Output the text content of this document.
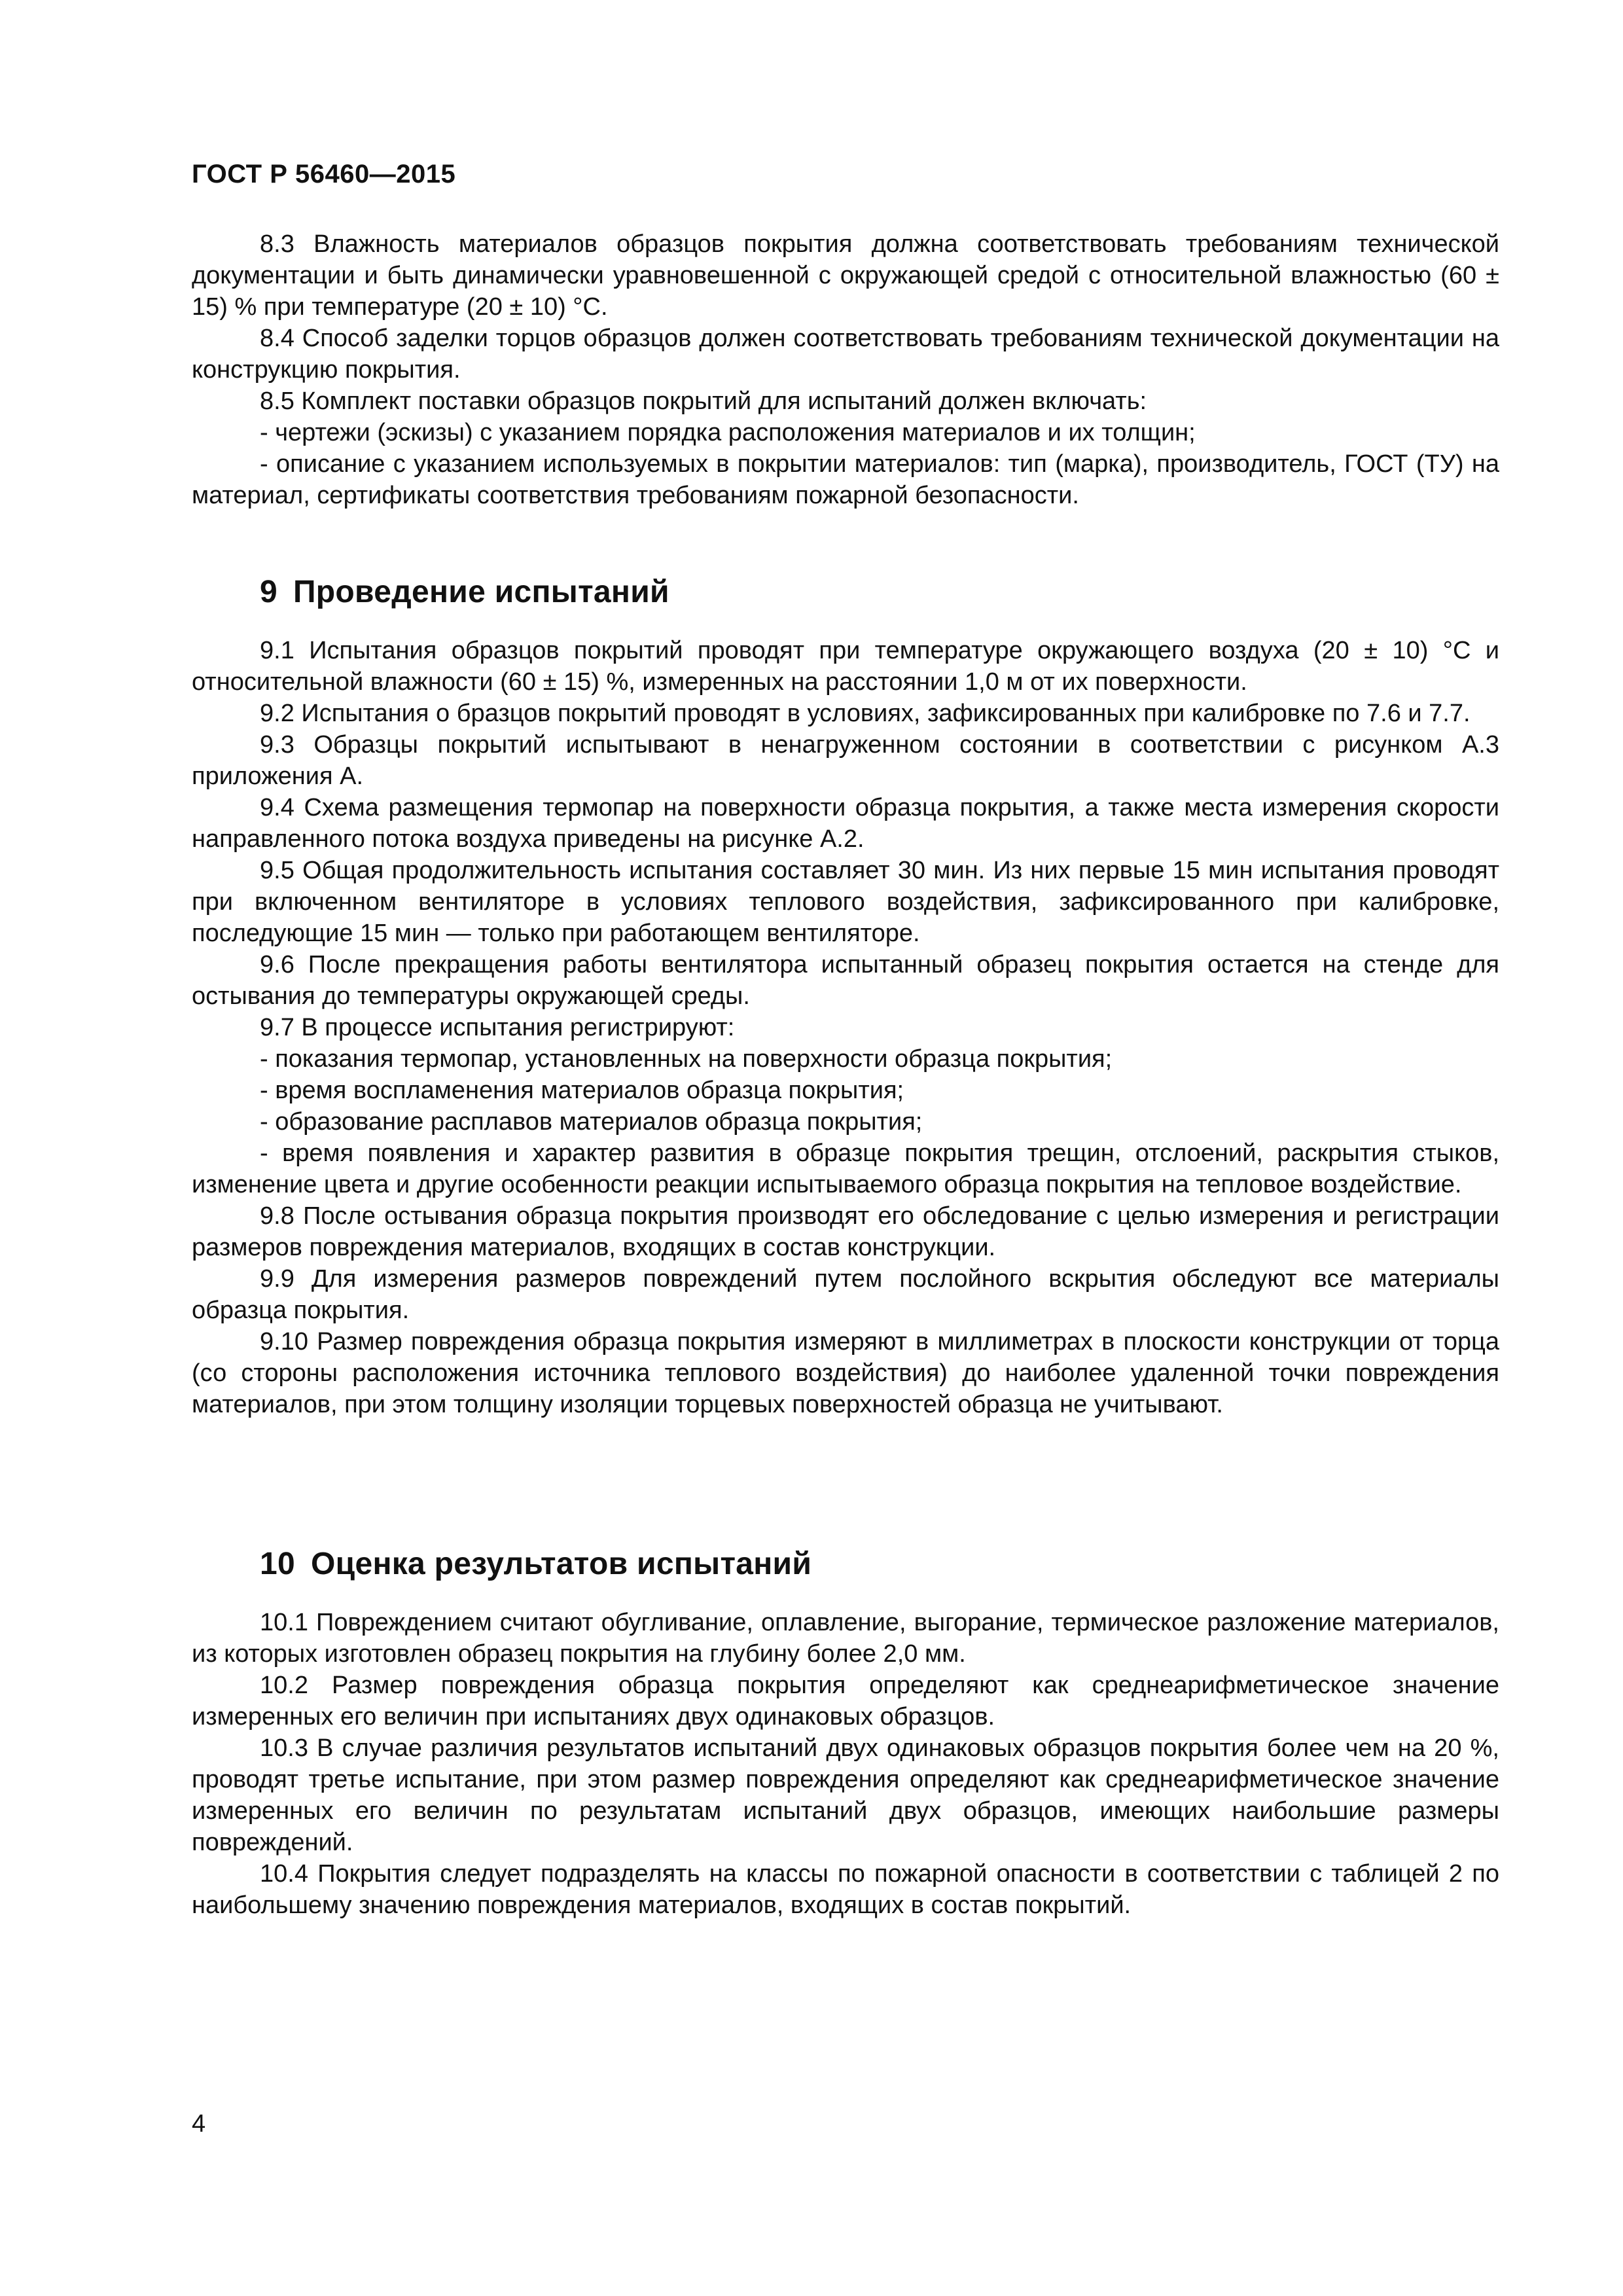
ГОСТ Р 56460—2015

8.3 Влажность материалов образцов покрытия должна соответствовать требованиям технической документации и быть динамически уравновешенной с окружающей средой с относительной влажностью (60 ± 15) % при температуре (20 ± 10) °С.

8.4 Способ заделки торцов образцов должен соответствовать требованиям технической документации на конструкцию покрытия.

8.5 Комплект поставки образцов покрытий для испытаний должен включать:

- чертежи (эскизы) с указанием порядка расположения материалов и их толщин;

- описание с указанием используемых в покрытии материалов: тип (марка), производитель, ГОСТ (ТУ) на материал, сертификаты соответствия требованиям пожарной безопасности.

9 Проведение испытаний

9.1 Испытания образцов покрытий проводят при температуре окружающего воздуха (20 ± 10) °С и относительной влажности (60 ± 15) %, измеренных на расстоянии 1,0 м от их поверхности.

9.2 Испытания о бразцов покрытий проводят в условиях, зафиксированных при калибровке по 7.6 и 7.7.

9.3 Образцы покрытий испытывают в ненагруженном состоянии в соответствии с рисунком А.3 приложения А.

9.4 Схема размещения термопар на поверхности образца покрытия, а также места измерения скорости направленного потока воздуха приведены на рисунке А.2.

9.5 Общая продолжительность испытания составляет 30 мин. Из них первые 15 мин испытания проводят при включенном вентиляторе в условиях теплового воздействия, зафиксированного при калибровке, последующие 15 мин — только при работающем вентиляторе.

9.6 После прекращения работы вентилятора испытанный образец покрытия остается на стенде для остывания до температуры окружающей среды.

9.7 В процессе испытания регистрируют:

- показания термопар, установленных на поверхности образца покрытия;

- время воспламенения материалов образца покрытия;

- образование расплавов материалов образца покрытия;

- время появления и характер развития в образце покрытия трещин, отслоений, раскрытия стыков, изменение цвета и другие особенности реакции испытываемого образца покрытия на тепловое воздействие.

9.8 После остывания образца покрытия производят его обследование с целью измерения и регистрации размеров повреждения материалов, входящих в состав конструкции.

9.9 Для измерения размеров повреждений путем послойного вскрытия обследуют все материалы образца покрытия.

9.10 Размер повреждения образца покрытия измеряют в миллиметрах в плоскости конструкции от торца (со стороны расположения источника теплового воздействия) до наиболее удаленной точки повреждения материалов, при этом толщину изоляции торцевых поверхностей образца не учитывают.

10 Оценка результатов испытаний

10.1 Повреждением считают обугливание, оплавление, выгорание, термическое разложение материалов, из которых изготовлен образец покрытия на глубину более 2,0 мм.

10.2 Размер повреждения образца покрытия определяют как среднеарифметическое значение измеренных его величин при испытаниях двух одинаковых образцов.

10.3 В случае различия результатов испытаний двух одинаковых образцов покрытия более чем на 20 %, проводят третье испытание, при этом размер повреждения определяют как среднеарифметическое значение измеренных его величин по результатам испытаний двух образцов, имеющих наибольшие размеры повреждений.

10.4 Покрытия следует подразделять на классы по пожарной опасности в соответствии с таблицей 2 по наибольшему значению повреждения материалов, входящих в состав покрытий.

4
